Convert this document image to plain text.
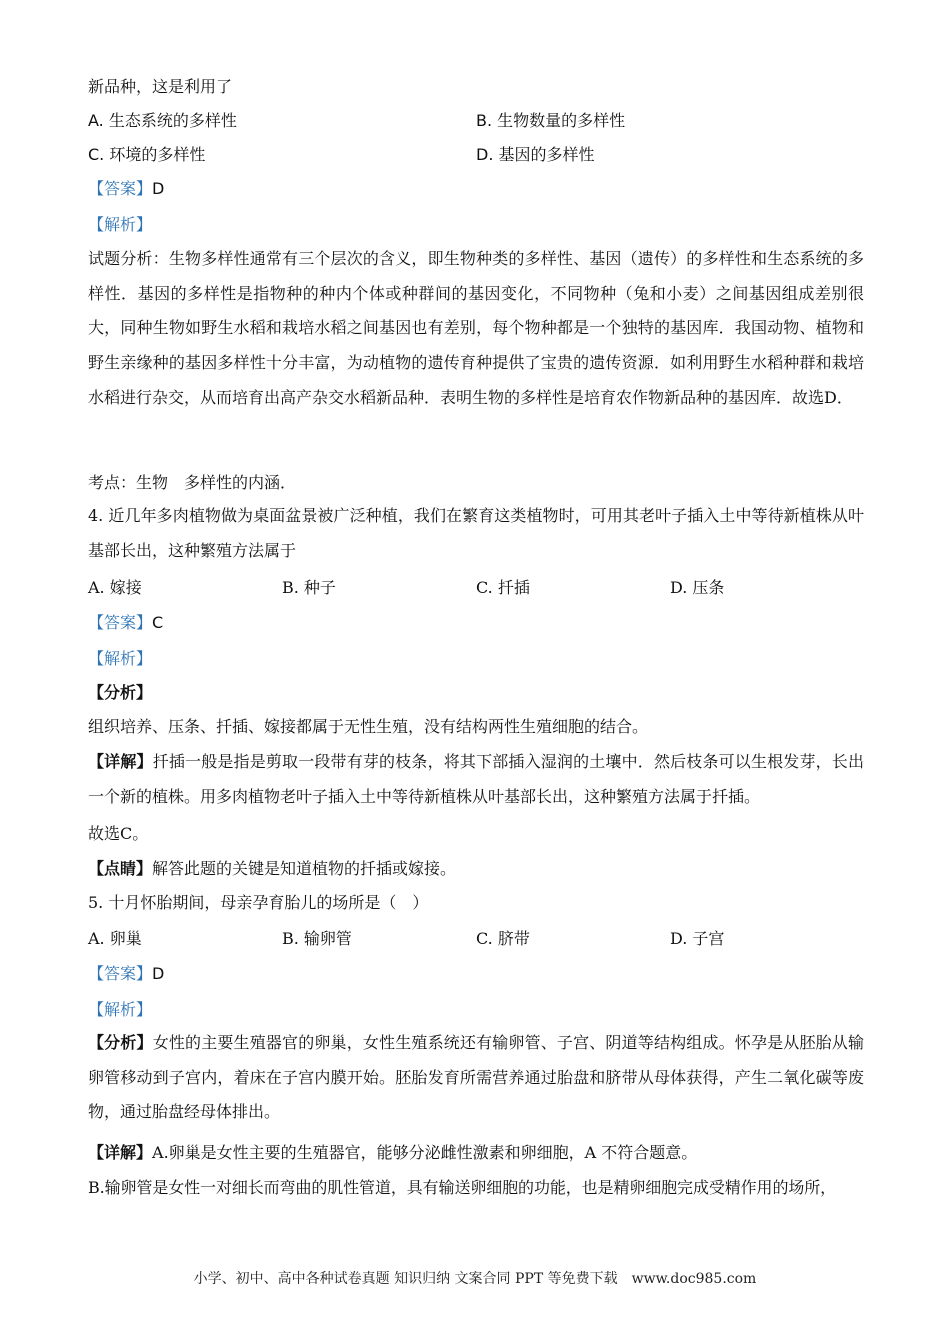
新品种，这是利用了
A. 生态系统的多样性	B. 生物数量的多样性
C. 环境的多样性	D. 基因的多样性
【答案】D
【解析】
试题分析：生物多样性通常有三个层次的含义，即生物种类的多样性、基因（遗传）的多样性和生态系统的多样性．基因的多样性是指物种的种内个体或种群间的基因变化，不同物种（兔和小麦）之间基因组成差别很大，同种生物如野生水稻和栽培水稻之间基因也有差别，每个物种都是一个独特的基因库．我国动物、植物和野生亲缘种的基因多样性十分丰富，为动植物的遗传育种提供了宝贵的遗传资源．如利用野生水稻种群和栽培水稻进行杂交，从而培育出高产杂交水稻新品种．表明生物的多样性是培育农作物新品种的基因库．故选D．
考点：生物　多样性的内涵．
4. 近几年多肉植物做为桌面盆景被广泛种植，我们在繁育这类植物时，可用其老叶子插入土中等待新植株从叶基部长出，这种繁殖方法属于
A. 嫁接	B. 种子	C. 扦插	D. 压条
【答案】C
【解析】
【分析】
组织培养、压条、扦插、嫁接都属于无性生殖，没有结构两性生殖细胞的结合。
【详解】扦插一般是指是剪取一段带有芽的枝条，将其下部插入湿润的土壤中．然后枝条可以生根发芽，长出一个新的植株。用多肉植物老叶子插入土中等待新植株从叶基部长出，这种繁殖方法属于扦插。
故选C。
【点睛】解答此题的关键是知道植物的扦插或嫁接。
5. 十月怀胎期间，母亲孕育胎儿的场所是（　）
A. 卵巢	B. 输卵管	C. 脐带	D. 子宫
【答案】D
【解析】
【分析】女性的主要生殖器官的卵巢，女性生殖系统还有输卵管、子宫、阴道等结构组成。怀孕是从胚胎从输卵管移动到子宫内，着床在子宫内膜开始。胚胎发育所需营养通过胎盘和脐带从母体获得，产生二氧化碳等废物，通过胎盘经母体排出。
【详解】A.卵巢是女性主要的生殖器官，能够分泌雌性激素和卵细胞，A 不符合题意。
B.输卵管是女性一对细长而弯曲的肌性管道，具有输送卵细胞的功能，也是精卵细胞完成受精作用的场所，
小学、初中、高中各种试卷真题 知识归纳 文案合同 PPT 等免费下载　www.doc985.com
